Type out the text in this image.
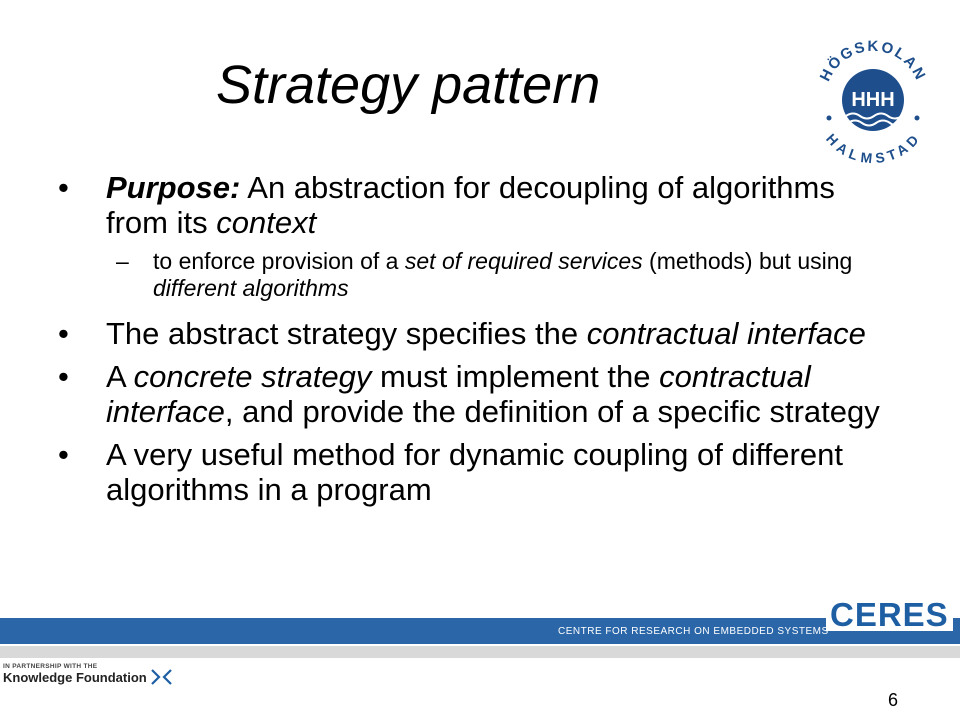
Strategy pattern	HÖGSKOLAN
HALMSTAD
HHH
• Purpose: An abstraction for decoupling of algorithms from its context
– to enforce provision of a set of required services (methods) but using different algorithms
• The abstract strategy specifies the contractual interface
• A concrete strategy must implement the contractual interface, and provide the definition of a specific strategy
• A very useful method for dynamic coupling of different algorithms in a program
CERES
CENTRE FOR RESEARCH ON EMBEDDED SYSTEMS
IN PARTNERSHIP WITH THE
Knowledge Foundation
6
